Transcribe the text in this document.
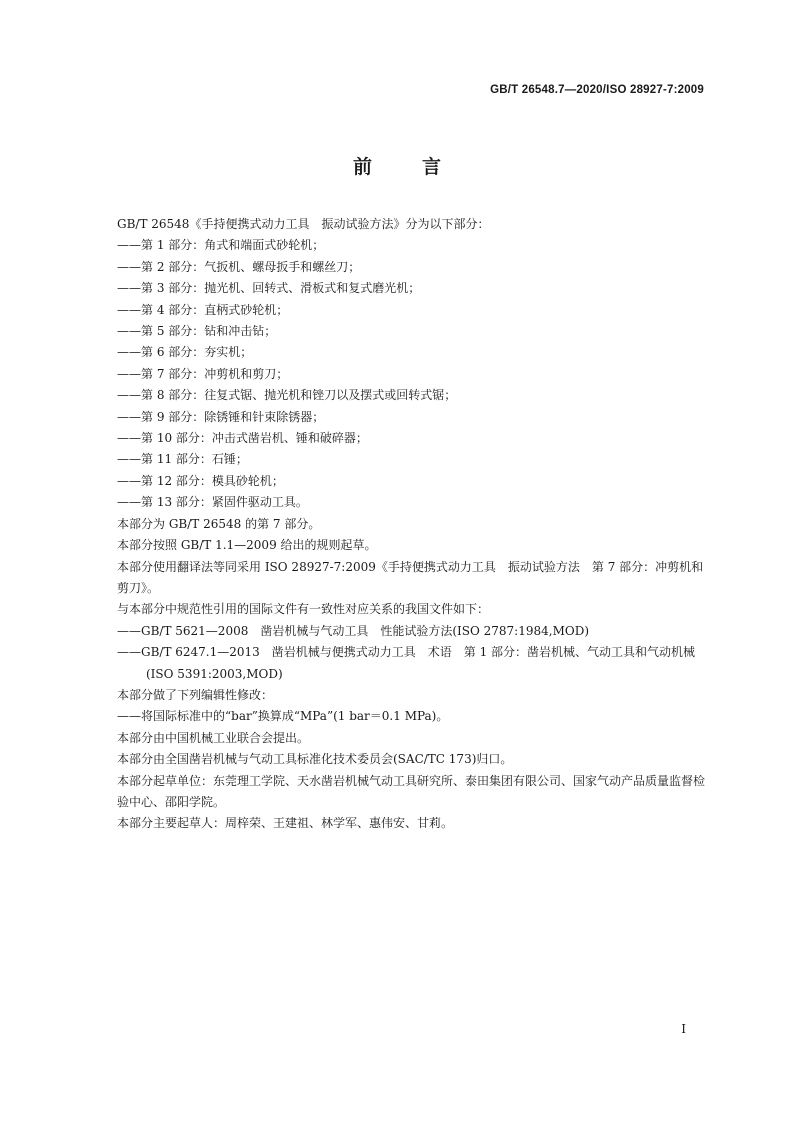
GB/T 26548.7—2020/ISO 28927-7:2009
前	言

GB/T 26548《手持便携式动力工具　振动试验方法》分为以下部分：

——第 1 部分：角式和端面式砂轮机；

——第 2 部分：气扳机、螺母扳手和螺丝刀；

——第 3 部分：抛光机、回转式、滑板式和复式磨光机；

——第 4 部分：直柄式砂轮机；

——第 5 部分：钻和冲击钻；

——第 6 部分：夯实机；

——第 7 部分：冲剪机和剪刀；

——第 8 部分：往复式锯、抛光机和锉刀以及摆式或回转式锯；

——第 9 部分：除锈锤和针束除锈器；

——第 10 部分：冲击式凿岩机、锤和破碎器；

——第 11 部分：石锤；

——第 12 部分：模具砂轮机；

——第 13 部分：紧固件驱动工具。

本部分为 GB/T 26548 的第 7 部分。

本部分按照 GB/T 1.1—2009 给出的规则起草。

本部分使用翻译法等同采用 ISO 28927-7:2009《手持便携式动力工具　振动试验方法　第 7 部分：冲剪机和剪刀》。

与本部分中规范性引用的国际文件有一致性对应关系的我国文件如下：

——GB/T 5621—2008　凿岩机械与气动工具　性能试验方法(ISO 2787:1984,MOD)

——GB/T 6247.1—2013　凿岩机械与便携式动力工具　术语　第 1 部分：凿岩机械、气动工具和气动机械(ISO 5391:2003,MOD)

本部分做了下列编辑性修改：

——将国际标准中的“bar”换算成“MPa”(1 bar＝0.1 MPa)。

本部分由中国机械工业联合会提出。

本部分由全国凿岩机械与气动工具标准化技术委员会(SAC/TC 173)归口。

本部分起草单位：东莞理工学院、天水凿岩机械气动工具研究所、泰田集团有限公司、国家气动产品质量监督检验中心、邵阳学院。

本部分主要起草人：周梓荣、王建祖、林学军、惠伟安、甘莉。

I
